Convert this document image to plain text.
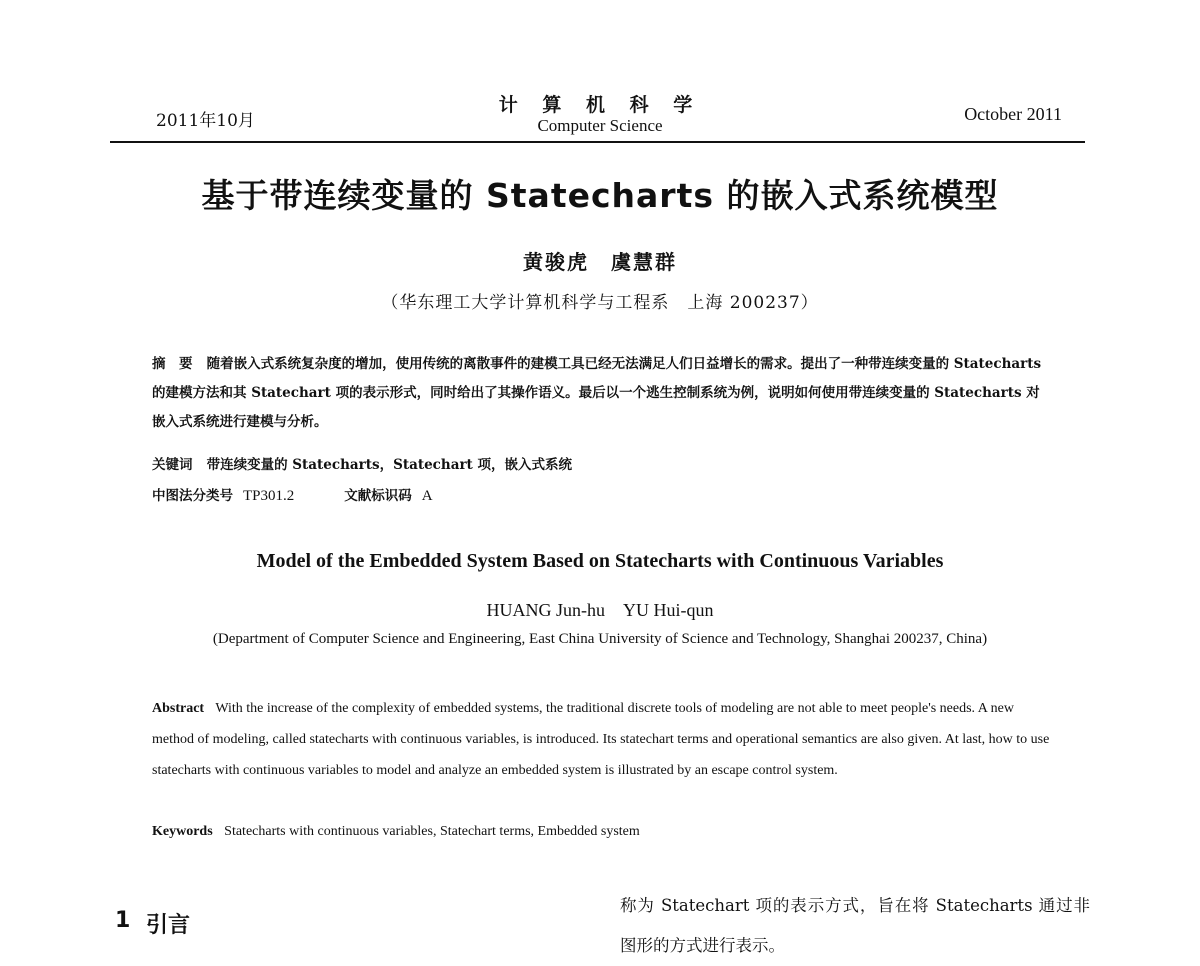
2011年10月
计 算 机 科 学
Computer Science
October 2011
基于带连续变量的 Statecharts 的嵌入式系统模型
黄骏虎　虞慧群
（华东理工大学计算机科学与工程系　上海 200237）
摘　要 随着嵌入式系统复杂度的增加，使用传统的离散事件的建模工具已经无法满足人们日益增长的需求。提出了一种带连续变量的 Statecharts 的建模方法和其 Statechart 项的表示形式，同时给出了其操作语义。最后以一个逃生控制系统为例，说明如何使用带连续变量的 Statecharts 对嵌入式系统进行建模与分析。
关键词 带连续变量的 Statecharts，Statechart 项，嵌入式系统
中图法分类号 TP301.2	文献标识码 A
Model of the Embedded System Based on Statecharts with Continuous Variables
HUANG Jun-hu　YU Hui-qun
(Department of Computer Science and Engineering, East China University of Science and Technology, Shanghai 200237, China)
Abstract With the increase of the complexity of embedded systems, the traditional discrete tools of modeling are not able to meet people's needs. A new method of modeling, called statecharts with continuous variables, is introduced. Its statechart terms and operational semantics are also given. At last, how to use statecharts with continuous variables to model and analyze an embedded system is illustrated by an escape control system.
Keywords Statecharts with continuous variables, Statechart terms, Embedded system
1 引言
称为 Statechart 项的表示方式，旨在将 Statecharts 通过非图形的方式进行表示。
